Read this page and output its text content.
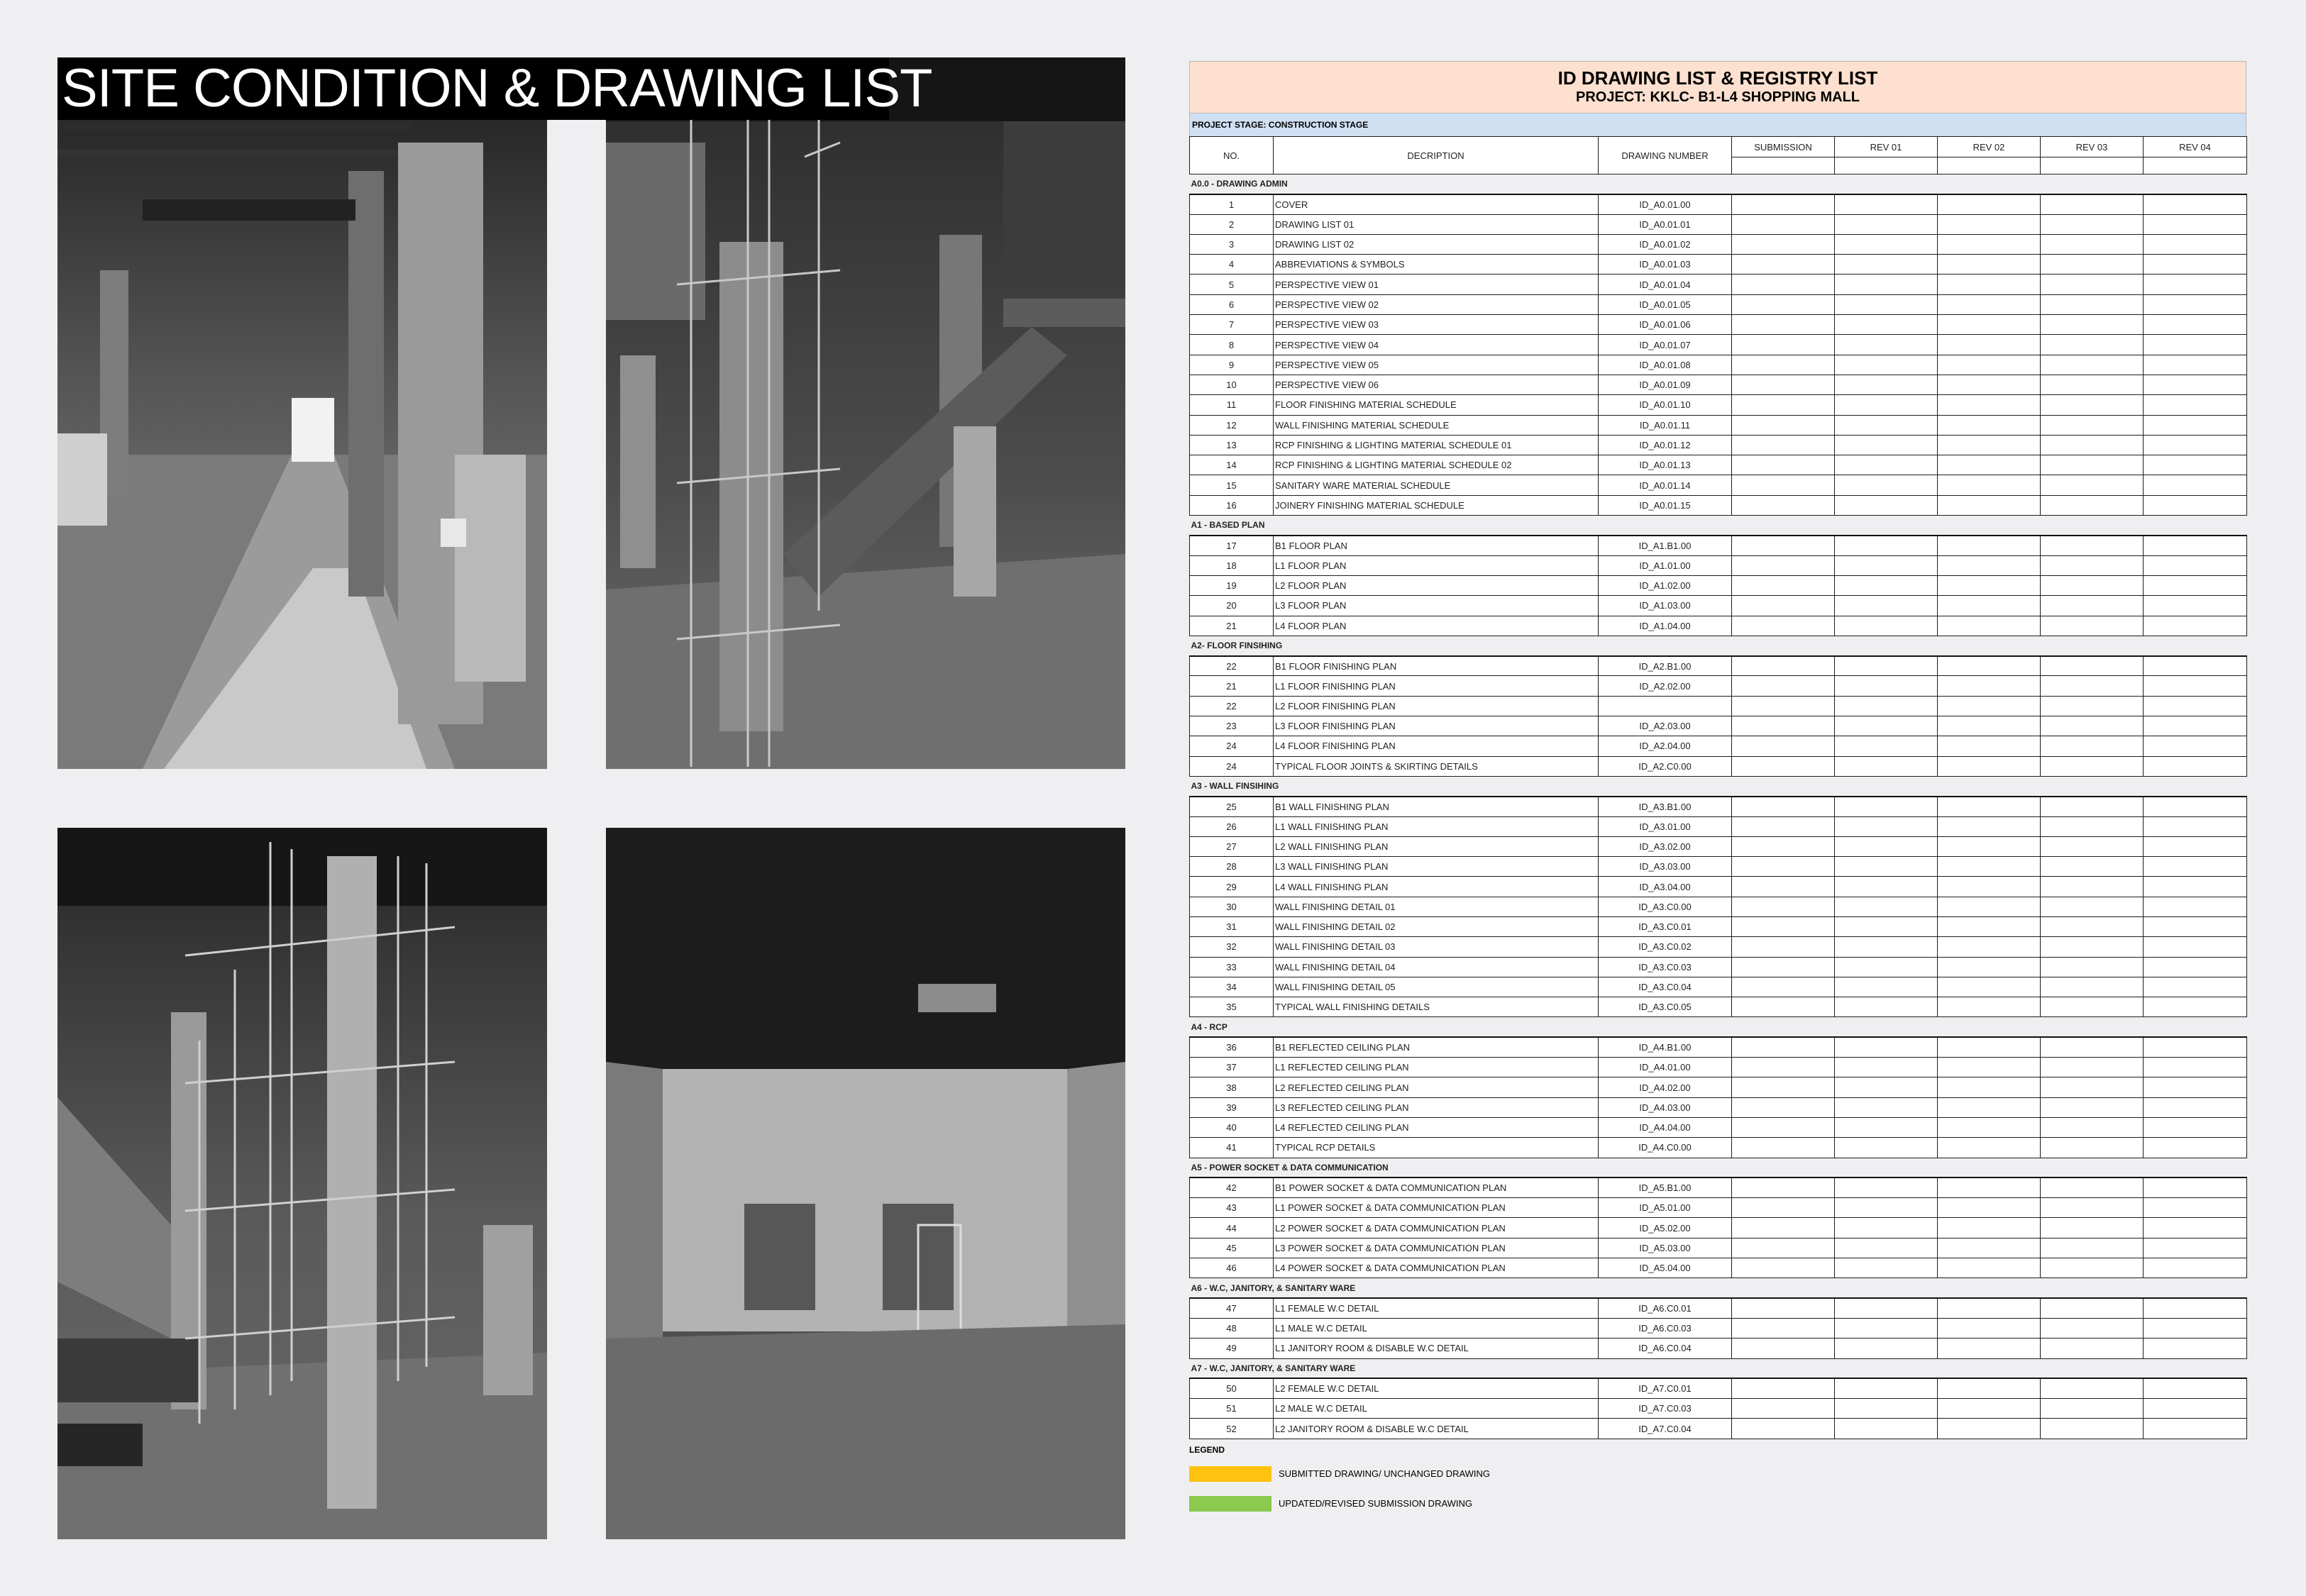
SITE CONDITION & DRAWING LIST	ID DRAWING LIST & REGISTRY LIST
PROJECT: KKLC- B1-L4 SHOPPING MALL
PROJECT STAGE: CONSTRUCTION STAGE
NO.	DECRIPTION	DRAWING NUMBER	SUBMISSION	REV 01	REV 02	REV 03	REV 04

A0.0 - DRAWING ADMIN							
1	COVER	ID_A0.01.00					
2	DRAWING LIST 01	ID_A0.01.01					
3	DRAWING LIST 02	ID_A0.01.02					
4	ABBREVIATIONS & SYMBOLS	ID_A0.01.03					
5	PERSPECTIVE VIEW 01	ID_A0.01.04					
6	PERSPECTIVE VIEW 02	ID_A0.01.05					
7	PERSPECTIVE VIEW 03	ID_A0.01.06					
8	PERSPECTIVE VIEW 04	ID_A0.01.07					
9	PERSPECTIVE VIEW 05	ID_A0.01.08					
10	PERSPECTIVE VIEW 06	ID_A0.01.09					
11	FLOOR FINISHING MATERIAL SCHEDULE	ID_A0.01.10					
12	WALL FINISHING MATERIAL SCHEDULE	ID_A0.01.11					
13	RCP FINISHING & LIGHTING MATERIAL SCHEDULE 01	ID_A0.01.12					
14	RCP FINISHING & LIGHTING MATERIAL SCHEDULE 02	ID_A0.01.13					
15	SANITARY WARE MATERIAL SCHEDULE	ID_A0.01.14					
16	JOINERY FINISHING MATERIAL SCHEDULE	ID_A0.01.15					
A1 - BASED PLAN							
17	B1 FLOOR PLAN	ID_A1.B1.00					
18	L1 FLOOR PLAN	ID_A1.01.00					
19	L2 FLOOR PLAN	ID_A1.02.00					
20	L3 FLOOR PLAN	ID_A1.03.00					
21	L4 FLOOR PLAN	ID_A1.04.00					
A2- FLOOR FINSIHING							
22	B1 FLOOR FINISHING PLAN	ID_A2.B1.00					
21	L1 FLOOR FINISHING PLAN	ID_A2.02.00					
22	L2 FLOOR FINISHING PLAN						
23	L3 FLOOR FINISHING PLAN	ID_A2.03.00					
24	L4 FLOOR FINISHING PLAN	ID_A2.04.00					
24	TYPICAL FLOOR JOINTS & SKIRTING DETAILS	ID_A2.C0.00					
A3 - WALL FINSIHING							
25	B1 WALL FINISHING PLAN	ID_A3.B1.00					
26	L1 WALL FINISHING PLAN	ID_A3.01.00					
27	L2 WALL FINISHING PLAN	ID_A3.02.00					
28	L3 WALL FINISHING PLAN	ID_A3.03.00					
29	L4 WALL FINISHING PLAN	ID_A3.04.00					
30	WALL FINISHING DETAIL 01	ID_A3.C0.00					
31	WALL FINISHING DETAIL 02	ID_A3.C0.01					
32	WALL FINISHING DETAIL 03	ID_A3.C0.02					
33	WALL FINISHING DETAIL 04	ID_A3.C0.03					
34	WALL FINISHING DETAIL 05	ID_A3.C0.04					
35	TYPICAL WALL FINISHING DETAILS	ID_A3.C0.05					
A4 - RCP							
36	B1 REFLECTED CEILING PLAN	ID_A4.B1.00					
37	L1 REFLECTED CEILING PLAN	ID_A4.01.00					
38	L2 REFLECTED CEILING PLAN	ID_A4.02.00					
39	L3 REFLECTED CEILING PLAN	ID_A4.03.00					
40	L4 REFLECTED CEILING PLAN	ID_A4.04.00					
41	TYPICAL RCP DETAILS	ID_A4.C0.00					
A5 - POWER SOCKET & DATA COMMUNICATION							
42	B1 POWER SOCKET & DATA COMMUNICATION PLAN	ID_A5.B1.00					
43	L1 POWER SOCKET & DATA COMMUNICATION PLAN	ID_A5.01.00					
44	L2 POWER SOCKET & DATA COMMUNICATION PLAN	ID_A5.02.00					
45	L3 POWER SOCKET & DATA COMMUNICATION PLAN	ID_A5.03.00					
46	L4 POWER SOCKET & DATA COMMUNICATION PLAN	ID_A5.04.00					
A6 - W.C, JANITORY, & SANITARY WARE							
47	L1 FEMALE W.C DETAIL	ID_A6.C0.01					
48	L1 MALE W.C DETAIL	ID_A6.C0.03					
49	L1 JANITORY ROOM & DISABLE W.C DETAIL	ID_A6.C0.04					
A7 - W.C, JANITORY, & SANITARY WARE							
50	L2 FEMALE W.C DETAIL	ID_A7.C0.01					
51	L2 MALE W.C DETAIL	ID_A7.C0.03					
52	L2 JANITORY ROOM & DISABLE W.C DETAIL	ID_A7.C0.04					
LEGEND
SUBMITTED DRAWING/ UNCHANGED DRAWING
UPDATED/REVISED SUBMISSION DRAWING
